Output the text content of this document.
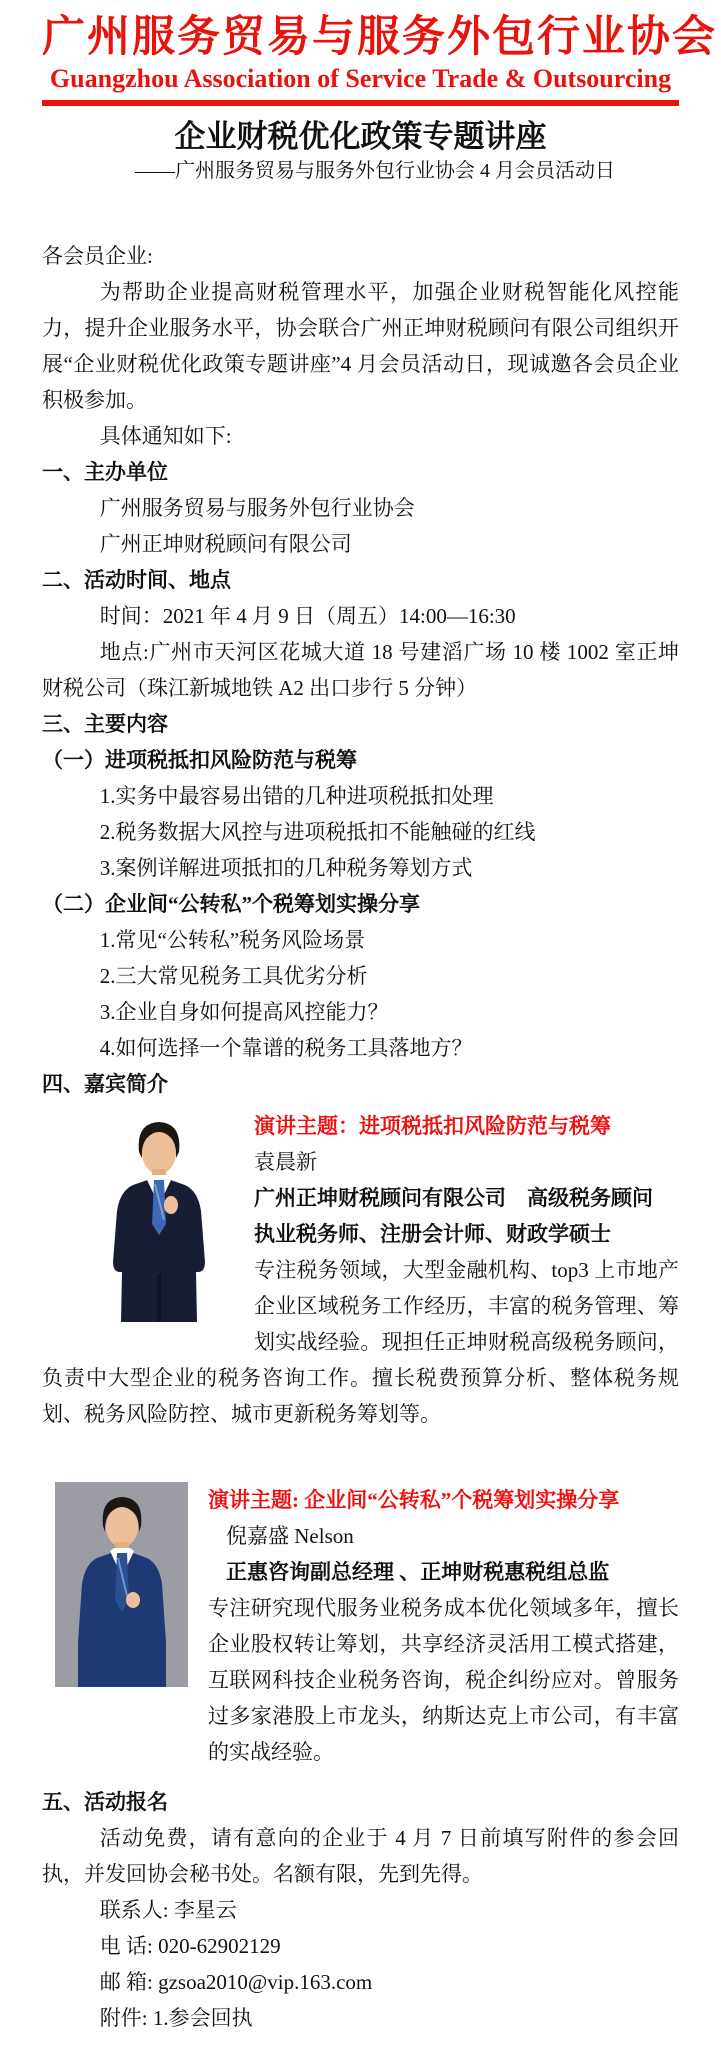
广州服务贸易与服务外包行业协会
Guangzhou Association of Service Trade & Outsourcing
企业财税优化政策专题讲座
——广州服务贸易与服务外包行业协会 4 月会员活动日

各会员企业:

为帮助企业提高财税管理水平，加强企业财税智能化风控能力，提升企业服务水平，协会联合广州正坤财税顾问有限公司组织开展“企业财税优化政策专题讲座”4 月会员活动日，现诚邀各会员企业积极参加。

具体通知如下:

一、主办单位

广州服务贸易与服务外包行业协会

广州正坤财税顾问有限公司

二、活动时间、地点

时间：2021 年 4 月 9 日（周五）14:00—16:30

地点:广州市天河区花城大道 18 号建滔广场 10 楼 1002 室正坤财税公司（珠江新城地铁 A2 出口步行 5 分钟）

三、主要内容

（一）进项税抵扣风险防范与税筹

1.实务中最容易出错的几种进项税抵扣处理

2.税务数据大风控与进项税抵扣不能触碰的红线

3.案例详解进项抵扣的几种税务筹划方式

（二）企业间“公转私”个税筹划实操分享

1.常见“公转私”税务风险场景

2.三大常见税务工具优劣分析

3.企业自身如何提高风控能力？

4.如何选择一个靠谱的税务工具落地方？

四、嘉宾简介

演讲主题：进项税抵扣风险防范与税筹

袁晨新

广州正坤财税顾问有限公司　高级税务顾问

执业税务师、注册会计师、财政学硕士

专注税务领域，大型金融机构、top3 上市地产企业区域税务工作经历，丰富的税务管理、筹划实战经验。现担任正坤财税高级税务顾问，负责中大型企业的税务咨询工作。擅长税费预算分析、整体税务规划、税务风险防控、城市更新税务筹划等。

演讲主题: 企业间“公转私”个税筹划实操分享

倪嘉盛 Nelson

正惠咨询副总经理 、正坤财税惠税组总监

专注研究现代服务业税务成本优化领域多年，擅长企业股权转让筹划，共享经济灵活用工模式搭建，互联网科技企业税务咨询，税企纠纷应对。曾服务过多家港股上市龙头，纳斯达克上市公司，有丰富的实战经验。

五、活动报名

活动免费，请有意向的企业于 4 月 7 日前填写附件的参会回执，并发回协会秘书处。名额有限，先到先得。

联系人: 李星云

电 话: 020-62902129

邮 箱: gzsoa2010@vip.163.com

附件: 1.参会回执
